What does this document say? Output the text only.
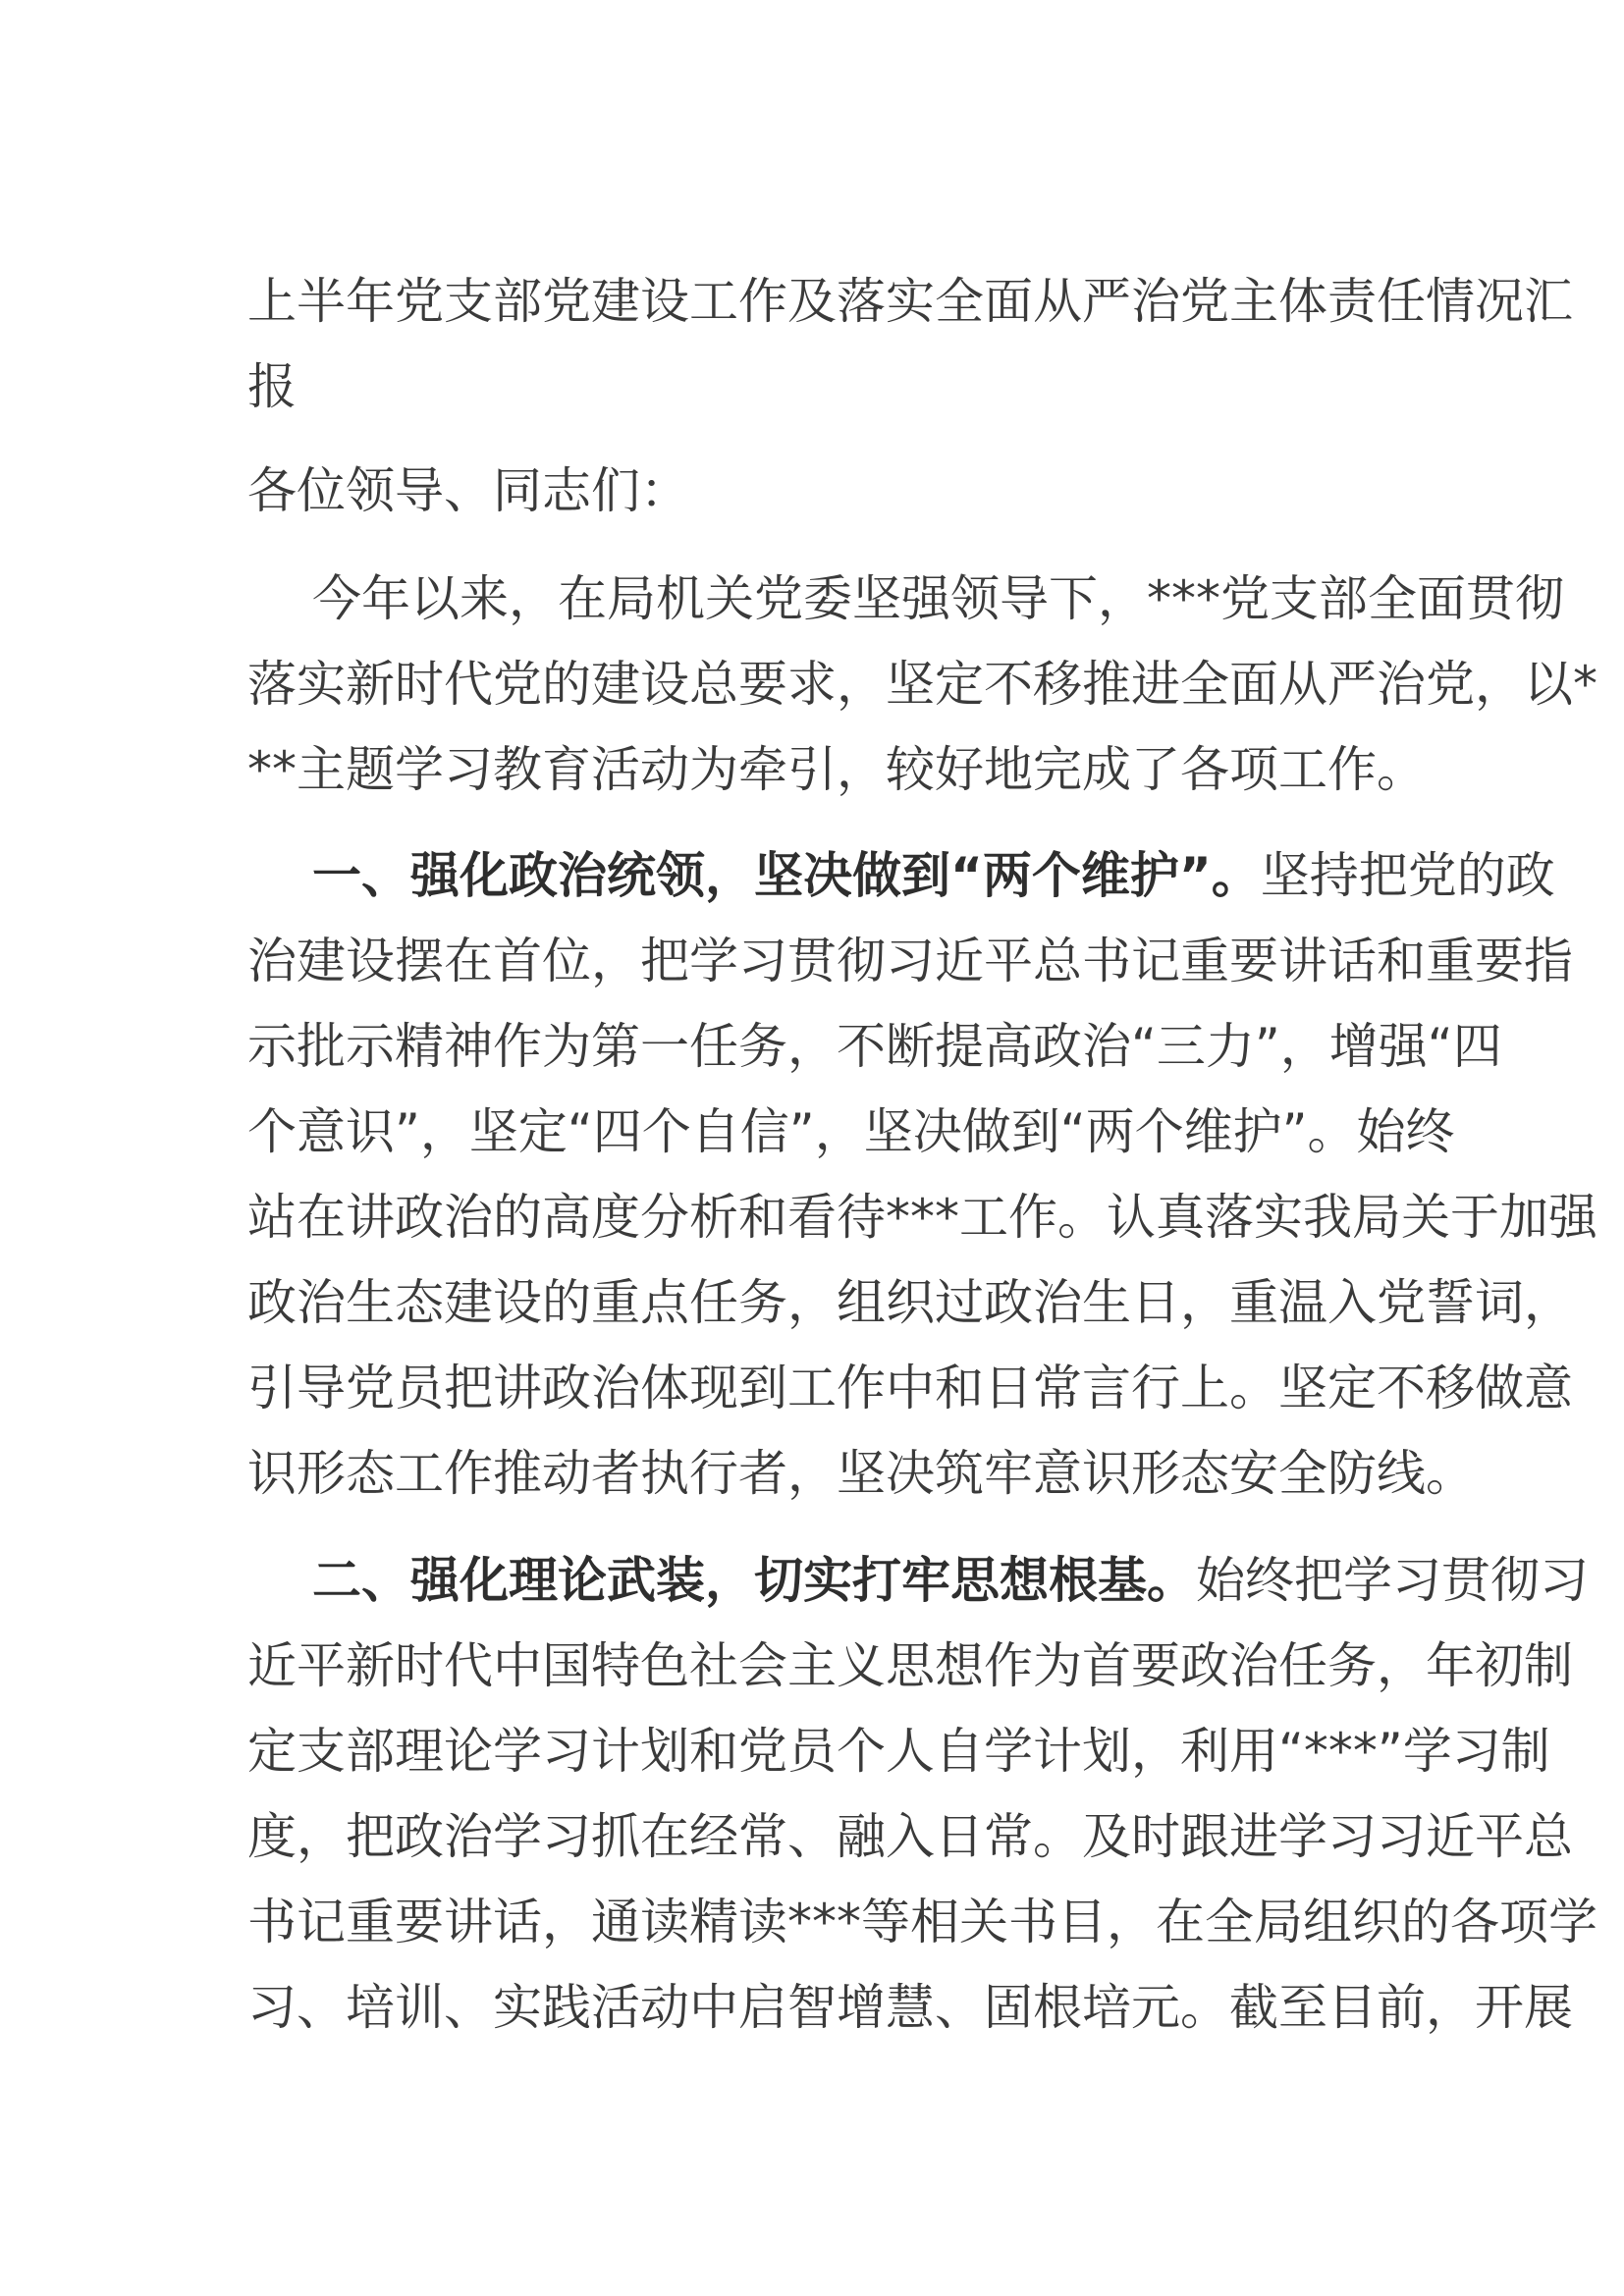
上半年党支部党建设工作及落实全面从严治党主体责任情况汇
报
各位领导、同志们：
今年以来，在局机关党委坚强领导下，***党支部全面贯彻
落实新时代党的建设总要求，坚定不移推进全面从严治党，以*
**主题学习教育活动为牵引，较好地完成了各项工作。
一、强化政治统领，坚决做到“两个维护”。坚持把党的政
治建设摆在首位，把学习贯彻习近平总书记重要讲话和重要指
示批示精神作为第一任务，不断提高政治“三力”，增强“四
个意识”，坚定“四个自信”，坚决做到“两个维护”。始终
站在讲政治的高度分析和看待***工作。认真落实我局关于加强
政治生态建设的重点任务，组织过政治生日，重温入党誓词，
引导党员把讲政治体现到工作中和日常言行上。坚定不移做意
识形态工作推动者执行者，坚决筑牢意识形态安全防线。
二、强化理论武装，切实打牢思想根基。始终把学习贯彻习
近平新时代中国特色社会主义思想作为首要政治任务，年初制
定支部理论学习计划和党员个人自学计划，利用“***”学习制
度，把政治学习抓在经常、融入日常。及时跟进学习习近平总
书记重要讲话，通读精读***等相关书目，在全局组织的各项学
习、培训、实践活动中启智增慧、固根培元。截至目前，开展
